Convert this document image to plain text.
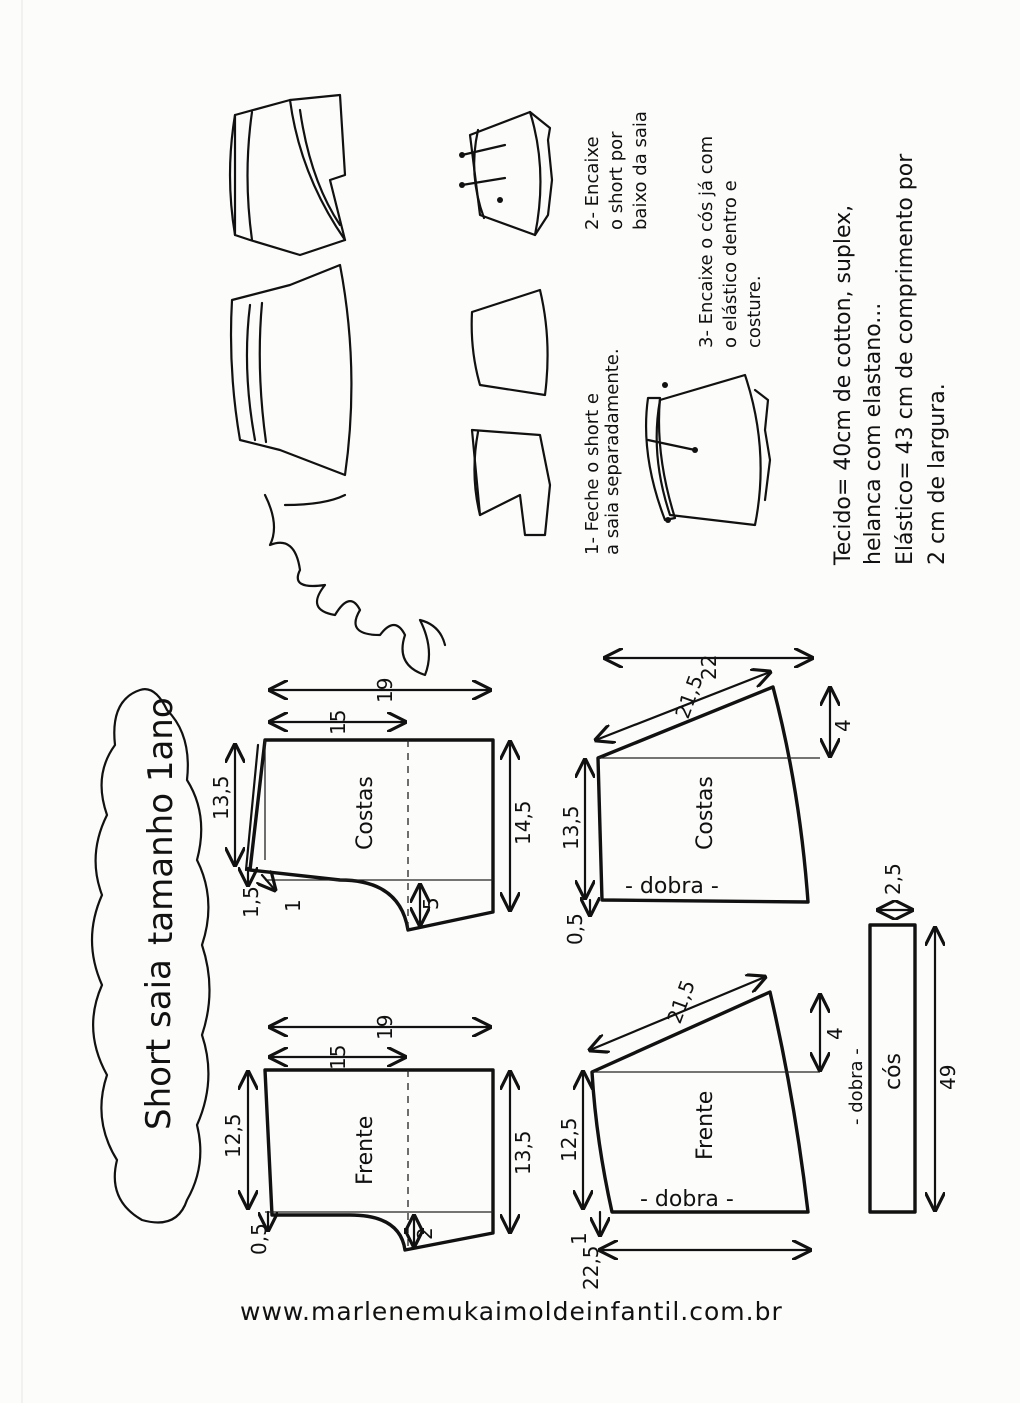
Short saia
tamanho 1ano
1- Feche o short e a saia separadamente.
2- Encaixe o short por baixo da saia	3- Encaixe o cós já com o elástico dentro e costure.	Tecido= 40cm de cotton, suplex, helanca com elastano... Elástico= 43 cm de comprimento por 2 cm de largura.
Costas
19
15
13,5
14,5
5
1,5 1
Frente
19
15
12,5	13,5
2
0,5
Costas
- dobra -
22
21,5
13,5
4
0,5
Frente
- dobra -
21,5
12,5
4
22,5
1
cós
- dobra -	49
2,5
www.marlenemukaimoldeinfantil.com.br
